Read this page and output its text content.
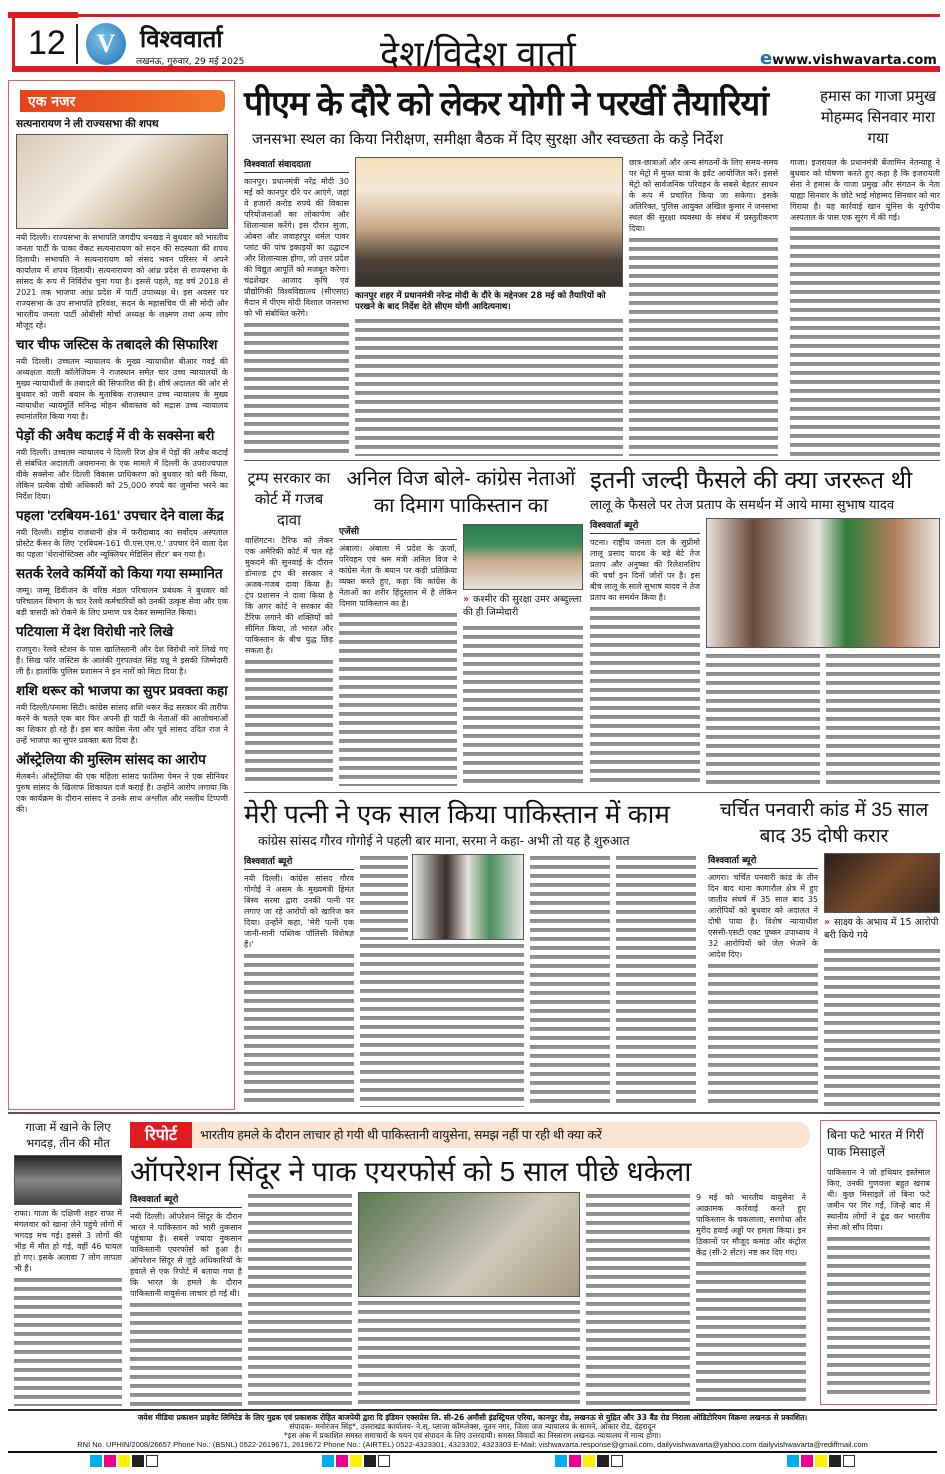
12	V	विश्ववार्ता
लखनऊ, गुरुवार, 29 मई 2025	देश/विदेश वार्ता	ewww.vishwavarta.com
एक नजर
सत्यनारायण ने ली राज्यसभा की शपथ

नयी दिल्ली। राज्यसभा के सभापति जगदीप धनखड़ ने बुधवार को भारतीय जनता पार्टी के पाका वेंकट सत्यनारायण को सदन की सदस्यता की शपथ दिलायी। सभापति ने सत्यनारायण को संसद भवन परिसर में अपने कार्यालय में शपथ दिलायी। सत्यनारायण को आंध्र प्रदेश से राज्यसभा के सांसद के रूप में निर्विरोध चुना गया है। इससे पहले, वह वर्ष 2018 से 2021 तक भाजपा आंध्र प्रदेश में पार्टी उपाध्यक्ष थे। इस अवसर पर राज्यसभा के उप सभापति हरिवंश, सदन के महासचिव पी सी मोदी और भारतीय जनता पार्टी ओबीसी मोर्चा अध्यक्ष के लक्ष्मण तथा अन्य लोग मौजूद रहे।

चार चीफ जस्टिस के तबादले की सिफारिश

नयी दिल्ली। उच्चतम न्यायालय के मुख्य न्यायाधीश बीआर गवई की अध्यक्षता वाली कॉलेजियम ने राजस्थान समेत चार उच्च न्यायालयों के मुख्य न्यायाधीशों के तबादले की सिफारिश की है। शीर्ष अदालत की ओर से बुधवार को जारी बयान के मुताबिक राजस्थान उच्च न्यायालय के मुख्य न्यायाधीश न्यायमूर्ति मनिन्द्र मोहन श्रीवास्तव को मद्रास उच्च न्यायालय स्थानांतरित किया गया है।

पेड़ों की अवैध कटाई में वी के सक्सेना बरी

नयी दिल्ली। उच्चतम न्यायालय ने दिल्ली रिज क्षेत्र में पेड़ों की अवैध कटाई से संबंधित अदालती अवमानना के एक मामले में दिल्ली के उपराज्यपाल वीके सक्सेना और दिल्ली विकास प्राधिकरण को बुधवार को बरी किया, लेकिन प्रत्येक दोषी अधिकारी को 25,000 रुपये का जुर्माना भरने का निर्देश दिया।

पहला 'टरबियम-161' उपचार देने वाला केंद्र

नयी दिल्ली। राष्ट्रीय राजधानी क्षेत्र में फरीदाबाद का सर्वोदय अस्पताल प्रोस्टेट कैंसर के लिए 'टरबियम-161 पी.एस.एम.ए.' उपचार देने वाला देश का पहला 'थेरानोस्टिक्स और न्यूक्लियर मेडिसिन सेंटर' बन गया है।

सतर्क रेलवे कर्मियों को किया गया सम्मानित

जम्मू। जम्मू डिवीजन के वरिष्ठ मंडल परिचालन प्रबंधक ने बुधवार को परिचालन विभाग के चार रेलवे कर्मचारियों को उनकी उत्कृष्ट सेवा और एक बड़ी त्रासदी को रोकने के लिए प्रमाण पत्र देकर सम्मानित किया।

पटियाला में देश विरोधी नारे लिखे

राजपुरा। रेलवे स्टेशन के पास खालिस्तानी और देश विरोधी नारे लिखे गए हैं। सिख फॉर जस्टिस के आतंकी गुरपतवंत सिंह पन्नू ने इसकी जिम्मेदारी ली है। हालांकि पुलिस प्रशासन ने इन नारों को मिटा दिया है।

शशि थरूर को भाजपा का सुपर प्रवक्ता कहा

नयी दिल्ली/पनामा सिटी। कांग्रेस सांसद शशि थरूर केंद्र सरकार की तारीफ करने के चलते एक बार फिर अपनी ही पार्टी के नेताओं की आलोचनाओं का शिकार हो रहे हैं। इस बार कांग्रेस नेता और पूर्व सांसद उदित राज ने उन्हें भाजपा का सुपर प्रवक्ता बता दिया है।

ऑस्ट्रेलिया की मुस्लिम सांसद का आरोप

मेलबर्न। ऑस्ट्रेलिया की एक महिला सांसद फातिमा पेमन ने एक सीनियर पुरुष सांसद के खिलाफ शिकायत दर्ज कराई है। उन्होंने आरोप लगाया कि एक कार्यक्रम के दौरान सांसद ने उनके साथ अश्लील और नस्लीय टिप्पणी की।

पीएम के दौरे को लेकर योगी ने परखीं तैयारियां
जनसभा स्थल का किया निरीक्षण, समीक्षा बैठक में दिए सुरक्षा और स्वच्छता के कड़े निर्देश
विश्ववार्ता संवाददाता

कानपुर। प्रधानमंत्री नरेंद्र मोदी 30 मई को कानपुर दौरे पर आएंगे, जहां वे हजारों करोड़ रुपये की विकास परियोजनाओं का लोकार्पण और शिलान्यास करेंगे। इस दौरान सुजा, ओबरा और जवाहरपुर थर्मल पावर प्लांट की पांच इकाइयों का उद्घाटन और शिलान्यास होगा, जो उत्तर प्रदेश की विद्युत आपूर्ति को मजबूत करेगा। चंद्रशेखर आजाद कृषि एवं प्रौद्योगिकी विश्वविद्यालय (सीएसए) मैदान में पीएम मोदी विशाल जनसभा को भी संबोधित करेंगे।

कानपुर शहर में प्रधानमंत्री नरेन्द्र मोदी के दौरे के मद्देनजर 28 मई को तैयारियों को परखने के बाद निर्देश देते सीएम योगी आदित्यनाथ।

छात्र-छात्राओं और अन्य संगठनों के लिए समय-समय पर मेट्रो में मुफ्त यात्रा के इवेंट आयोजित करें। इससे मेट्रो को सार्वजनिक परिवहन के सबसे बेहतर साधन के रूप में प्रचारित किया जा सकेगा। इसके अतिरिक्त, पुलिस आयुक्त अखिल कुमार ने जनसभा स्थल की सुरक्षा व्यवस्था के संबंध में प्रस्तुतीकरण दिया।

हमास का गाजा प्रमुख मोहम्मद सिनवार मारा गया

गाजा। इजरायल के प्रधानमंत्री बेंजामिन नेतन्याहू ने बुधवार को घोषणा करते हुए कहा है कि इजरायली सेना ने हमास के गाजा प्रमुख और संगठन के नेता याह्या सिनवार के छोटे भाई मोहम्मद सिनवार को मार गिराया है। यह कार्रवाई खान यूनिस के यूरोपीय अस्पताल के पास एक सुरंग में की गई।

ट्रम्प सरकार का कोर्ट में गजब दावा

वाशिंगटन। टैरिफ को लेकर एक अमेरिकी कोर्ट में चल रहे मुकदमे की सुनवाई के दौरान डोनाल्ड ट्रंप की सरकार ने अजब-गजब दावा किया है। ट्रंप प्रशासन ने दावा किया है कि अगर कोर्ट ने सरकार की टैरिफ लगाने की शक्तियों को सीमित किया, तो भारत और पाकिस्तान के बीच युद्ध छिड़ सकता है।

अनिल विज बोले- कांग्रेस नेताओं का दिमाग पाकिस्तान का
एजेंसी

अंबाला। अंबाला में प्रदेश के ऊर्जा, परिवहन एवं श्रम मंत्री अनिल विज ने कांग्रेस नेता के बयान पर कड़ी प्रतिक्रिया व्यक्त करते हुए, कहा कि कांग्रेस के नेताओं का शरीर हिंदुस्तान में है लेकिन दिमाग पाकिस्तान का है।	» कश्मीर की सुरक्षा उमर अब्दुल्ला की ही जिम्मेदारी
इतनी जल्दी फैसले की क्या जररूत थी
लालू के फैसले पर तेज प्रताप के समर्थन में आये मामा सुभाष यादव
विश्ववार्ता ब्यूरो

पटना। राष्ट्रीय जनता दल के सुप्रीमो लालू प्रसाद यादव के बड़े बेटे तेज प्रताप और अनुष्का की रिलेशनशिप की चर्चा इन दिनों जोरों पर है। इस बीच लालू के साले सुभाष यादव ने तेज प्रताप का समर्थन किया है।

मेरी पत्नी ने एक साल किया पाकिस्तान में काम
कांग्रेस सांसद गौरव गोगोई ने पहली बार माना, सरमा ने कहा- अभी तो यह है शुरुआत
विश्ववार्ता ब्यूरो

नयी दिल्ली। कांग्रेस सांसद गौरव गोगोई ने असम के मुख्यमंत्री हिमंत बिस्व सरमा द्वारा उनकी पत्नी पर लगाए जा रहे आरोपों को खारिज कर दिया। उन्होंने कहा, 'मेरी पत्नी एक जानी-मानी पब्लिक पॉलिसी विशेषज्ञ हैं।'

चर्चित पनवारी कांड में 35 साल बाद 35 दोषी करार
विश्ववार्ता ब्यूरो

आगरा। चर्चित पनवारी कांड के तीन दिन बाद थाना कागारौल क्षेत्र में हुए जातीय संघर्ष में 35 साल बाद 35 आरोपियों को बुधवार को अदालत ने दोषी पाया है। विशेष न्यायाधीश एससी-एसटी एक्ट पुष्कर उपाध्याय ने 32 आरोपियों को जेल भेजने के आदेश दिए।

» साक्ष्य के अभाव में 15 आरोपी बरी किये गये
गाजा में खाने के लिए भगदड़, तीन की मौत

राफा। गाजा के दक्षिणी शहर राफा में मंगलवार को खाना लेने पहुंचे लोगों में भगदड़ मच गई। इससे 3 लोगों की भीड़ में मौत हो गई, वहीं 46 घायल हो गए। इसके अलावा 7 लोग लापता भी हैं।

रिपोर्ट	भारतीय हमले के दौरान लाचार हो गयी थी पाकिस्तानी वायुसेना, समझ नहीं पा रही थी क्या करें
ऑपरेशन सिंदूर ने पाक एयरफोर्स को 5 साल पीछे धकेला
विश्ववार्ता ब्यूरो

नयी दिल्ली। ऑपरेशन सिंदूर के दौरान भारत ने पाकिस्तान को भारी नुकसान पहुंचाया है। सबसे ज्यादा नुकसान पाकिस्तानी एयरफोर्स को हुआ है। ऑपरेशन सिंदूर से जुड़े अधिकारियों के हवाले से एक रिपोर्ट में बताया गया है कि भारत के हमले के दौरान पाकिस्तानी वायुसेना लाचार हो गई थी।

9 मई को भारतीय वायुसेना ने आक्रामक कार्रवाई करते हुए पाकिस्तान के चकलाला, सरगोधा और मुरीद हवाई अड्डों पर हमला किया। इन ठिकानों पर मौजूद कमांड और कंट्रोल केंद्र (सी-2 सेंटर) नष्ट कर दिए गए।

बिना फटे भारत में गिरीं पाक मिसाइलें

पाकिस्तान ने जो हथियार इस्तेमाल किए, उनकी गुणवत्ता बहुत खराब थी। कुछ मिसाइलें तो बिना फटे जमीन पर गिर गईं, जिन्हें बाद में स्थानीय लोगों ने ढूंढ कर भारतीय सेना को सौंप दिया।

जयेश मीडिया प्रकाशन प्राइवेट लिमिटेड के लिए मुद्रक एवं प्रकाशक रोहित बाजपेयी द्वारा दि इंडियन एक्सप्रेस लि. सी-26 अमौसी इंडस्ट्रियल एरिया, कानपुर रोड, लखनऊ से मुद्रित और 33 बैंड रोड निराला ओडिटोरियम विक्रमा लखनऊ से प्रकाशित।
संपादक- मनोरंजन सिंह*, उत्तराखंड कार्यालय- ने.स्. प्लाजा कॉम्प्लेक्स, नूतन नगर, जिला जज न्यायालय के सामने, ओंकार रोड, देहरादून
*इस अंक में प्रकाशित समस्त समाचारों के चयन एवं संपादन के लिए उत्तरदायी। समस्त विवादों का निस्तारण लखनऊ न्यायालय में मान्य होगा।
RNI No. UPHIN/2008/26657 Phone No.: (BSNL) 0522-2619671, 2619672 Phone No.: (AIRTEL) 0522-4323301, 4323302, 4323303 E-Mail: vishwavarta.response@gmail.com, dailyvishwavarta@yahoo.com dailyvishwavarta@rediffmail.com
